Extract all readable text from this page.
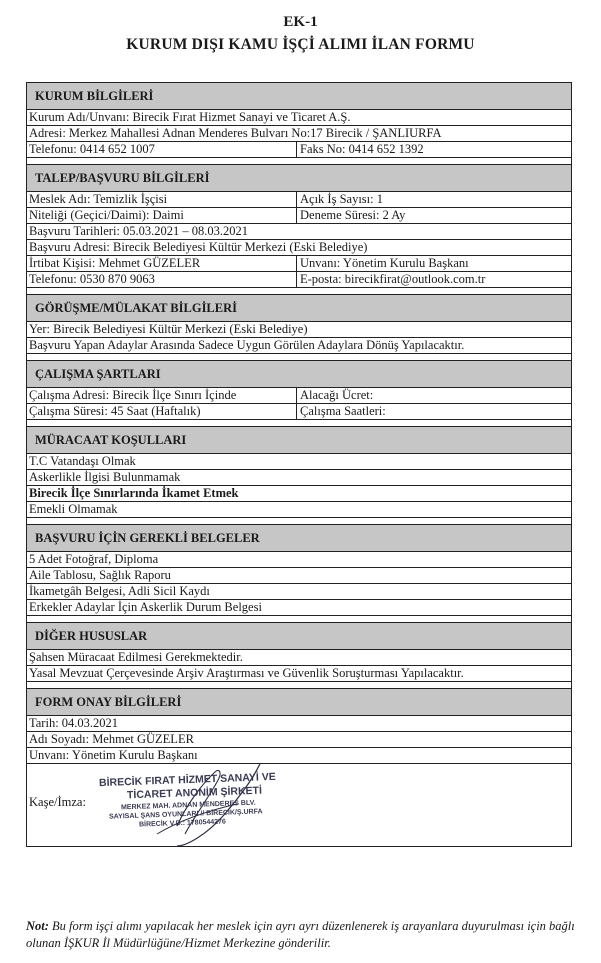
EK-1
KURUM DIŞI KAMU İŞÇİ ALIMI İLAN FORMU
KURUM BİLGİLERİ
Kurum Adı/Unvanı: Birecik Fırat Hizmet Sanayi ve Ticaret A.Ş.
Adresi: Merkez Mahallesi Adnan Menderes Bulvarı No:17 Birecik / ŞANLIURFA
Telefonu: 0414 652 1007	Faks No: 0414 652 1392
TALEP/BAŞVURU BİLGİLERİ
Meslek Adı: Temizlik İşçisi	Açık İş Sayısı: 1
Niteliği (Geçici/Daimi): Daimi	Deneme Süresi: 2 Ay
Başvuru Tarihleri: 05.03.2021 – 08.03.2021
Başvuru Adresi: Birecik Belediyesi Kültür Merkezi (Eski Belediye)
İrtibat Kişisi: Mehmet GÜZELER	Unvanı: Yönetim Kurulu Başkanı
Telefonu: 0530 870 9063	E-posta: birecikfirat@outlook.com.tr
GÖRÜŞME/MÜLAKAT BİLGİLERİ
Yer: Birecik Belediyesi Kültür Merkezi (Eski Belediye)
Başvuru Yapan Adaylar Arasında Sadece Uygun Görülen Adaylara Dönüş Yapılacaktır.
ÇALIŞMA ŞARTLARI
Çalışma Adresi: Birecik İlçe Sınırı İçinde	Alacağı Ücret:
Çalışma Süresi: 45 Saat (Haftalık)	Çalışma Saatleri:
MÜRACAAT KOŞULLARI
T.C Vatandaşı Olmak
Askerlikle İlgisi Bulunmamak
Birecik İlçe Sınırlarında İkamet Etmek
Emekli Olmamak
BAŞVURU İÇİN GEREKLİ BELGELER
5 Adet Fotoğraf, Diploma
Aile Tablosu, Sağlık Raporu
İkametgâh Belgesi, Adli Sicil Kaydı
Erkekler Adaylar İçin Askerlik Durum Belgesi
DİĞER HUSUSLAR
Şahsen Müracaat Edilmesi Gerekmektedir.
Yasal Mevzuat Çerçevesinde Arşiv Araştırması ve Güvenlik Soruşturması Yapılacaktır.
FORM ONAY BİLGİLERİ
Tarih: 04.03.2021
Adı Soyadı: Mehmet GÜZELER
Unvanı: Yönetim Kurulu Başkanı
Kaşe/İmza:
BİRECİK FIRAT HİZMET SANAYİ VE
TİCARET ANONİM ŞİRKETİ
MERKEZ MAH. ADNAN MENDERES BLV.
SAYISAL ŞANS OYUNLARI // BİRECİK/Ş.URFA
BİRECİK V.D.: 1780544276
Not: Bu form işçi alımı yapılacak her meslek için ayrı ayrı düzenlenerek iş arayanlara duyurulması için bağlı olunan İŞKUR İl Müdürlüğüne/Hizmet Merkezine gönderilir.
